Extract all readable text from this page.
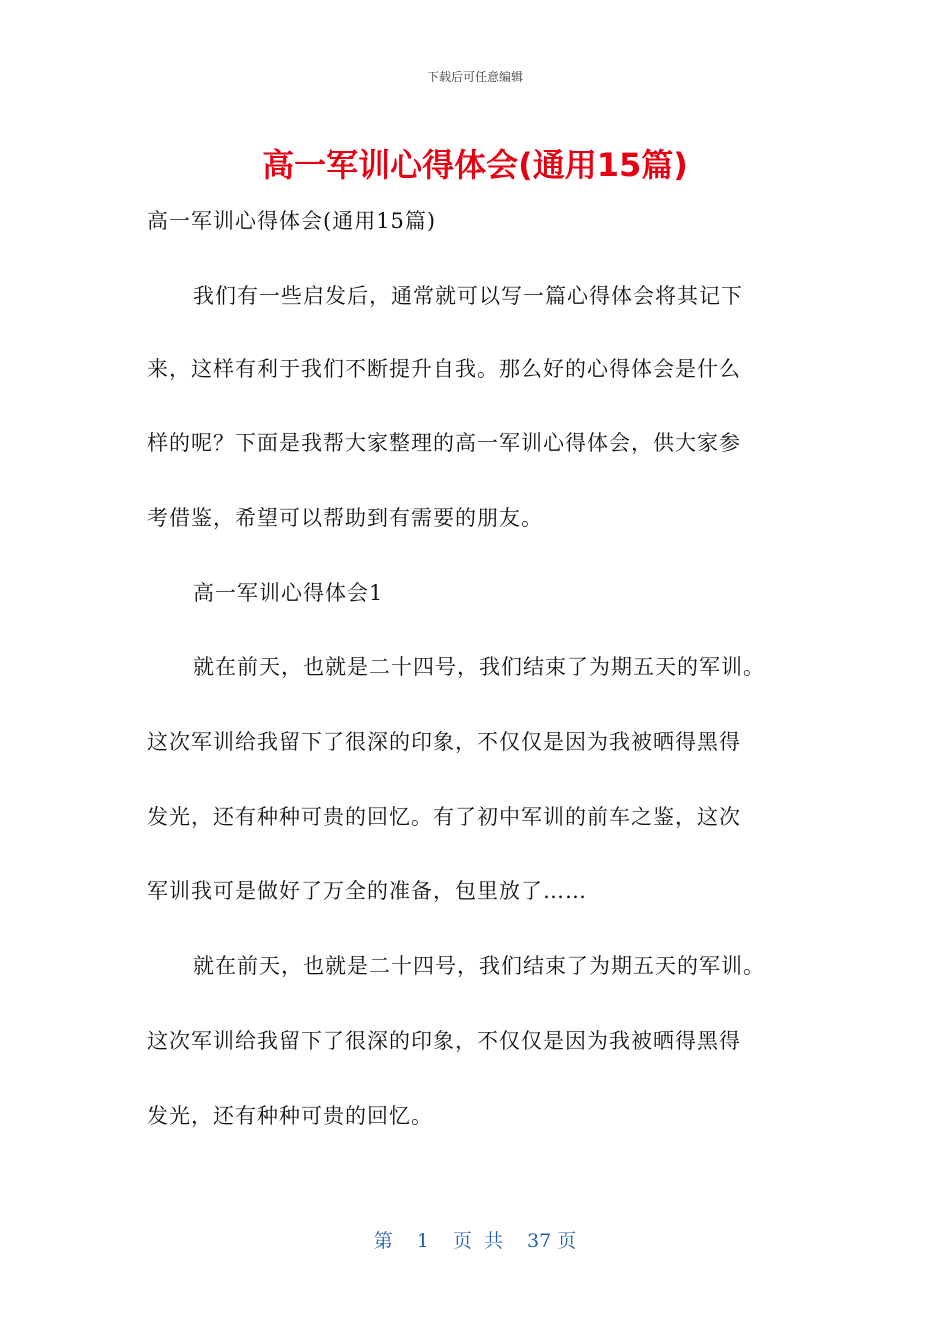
下载后可任意编辑
高一军训心得体会(通用15篇)
高一军训心得体会(通用15篇)
我们有一些启发后，通常就可以写一篇心得体会将其记下
来，这样有利于我们不断提升自我。那么好的心得体会是什么
样的呢？下面是我帮大家整理的高一军训心得体会，供大家参
考借鉴，希望可以帮助到有需要的朋友。
高一军训心得体会1
就在前天，也就是二十四号，我们结束了为期五天的军训。
这次军训给我留下了很深的印象，不仅仅是因为我被晒得黑得
发光，还有种种可贵的回忆。有了初中军训的前车之鉴，这次
军训我可是做好了万全的准备，包里放了……
就在前天，也就是二十四号，我们结束了为期五天的军训。
这次军训给我留下了很深的印象，不仅仅是因为我被晒得黑得
发光，还有种种可贵的回忆。
第 1 页 共 37 页
